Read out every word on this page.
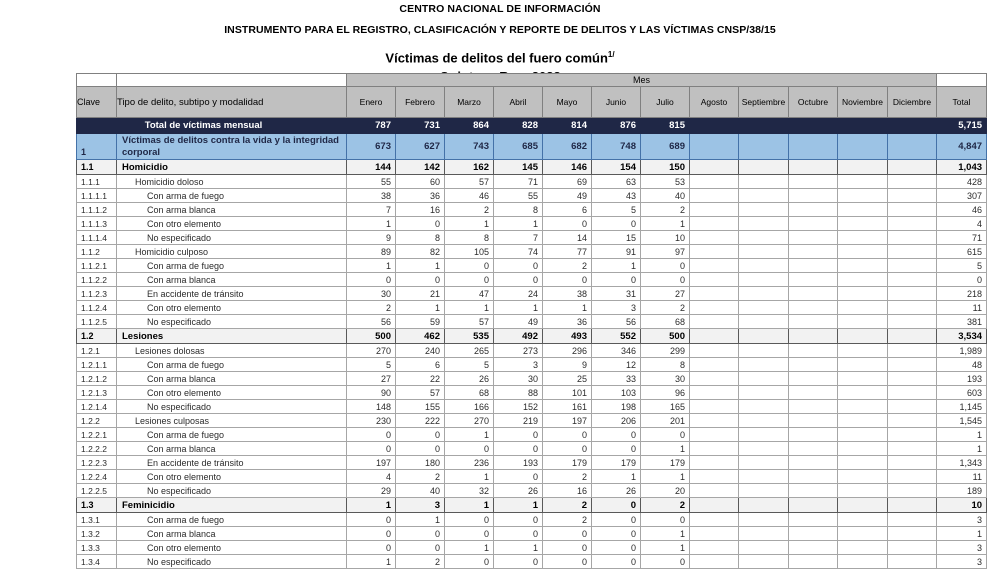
CENTRO NACIONAL DE INFORMACIÓN
INSTRUMENTO PARA EL REGISTRO, CLASIFICACIÓN Y REPORTE DE DELITOS Y LAS VÍCTIMAS CNSP/38/15
Víctimas de delitos del fuero común$^{1/}$
		Mes												
Clave	Tipo de delito, subtipo y modalidad	Enero	Febrero	Marzo	Abril	Mayo	Junio	Julio	Agosto	Septiembre	Octubre	Noviembre	Diciembre	Total
Total de víctimas mensual		787	731	864	828	814	876	815						5,715
1	Víctimas de delitos contra la vida y la integridad corporal	673	627	743	685	682	748	689						4,847
1.1	Homicidio	144	142	162	145	146	154	150						1,043
1.1.1	Homicidio doloso	55	60	57	71	69	63	53						428
1.1.1.1	Con arma de fuego	38	36	46	55	49	43	40						307
1.1.1.2	Con arma blanca	7	16	2	8	6	5	2						46
1.1.1.3	Con otro elemento	1	0	1	1	0	0	1						4
1.1.1.4	No especificado	9	8	8	7	14	15	10						71
1.1.2	Homicidio culposo	89	82	105	74	77	91	97						615
1.1.2.1	Con arma de fuego	1	1	0	0	2	1	0						5
1.1.2.2	Con arma blanca	0	0	0	0	0	0	0						0
1.1.2.3	En accidente de tránsito	30	21	47	24	38	31	27						218
1.1.2.4	Con otro elemento	2	1	1	1	1	3	2						11
1.1.2.5	No especificado	56	59	57	49	36	56	68						381
1.2	Lesiones	500	462	535	492	493	552	500						3,534
1.2.1	Lesiones dolosas	270	240	265	273	296	346	299						1,989
1.2.1.1	Con arma de fuego	5	6	5	3	9	12	8						48
1.2.1.2	Con arma blanca	27	22	26	30	25	33	30						193
1.2.1.3	Con otro elemento	90	57	68	88	101	103	96						603
1.2.1.4	No especificado	148	155	166	152	161	198	165						1,145
1.2.2	Lesiones culposas	230	222	270	219	197	206	201						1,545
1.2.2.1	Con arma de fuego	0	0	1	0	0	0	0						1
1.2.2.2	Con arma blanca	0	0	0	0	0	0	1						1
1.2.2.3	En accidente de tránsito	197	180	236	193	179	179	179						1,343
1.2.2.4	Con otro elemento	4	2	1	0	2	1	1						11
1.2.2.5	No especificado	29	40	32	26	16	26	20						189
1.3	Feminicidio	1	3	1	1	2	0	2						10
1.3.1	Con arma de fuego	0	1	0	0	2	0	0						3
1.3.2	Con arma blanca	0	0	0	0	0	0	1						1
1.3.3	Con otro elemento	0	0	1	1	0	0	1						3
1.3.4	No especificado	1	2	0	0	0	0	0						3
